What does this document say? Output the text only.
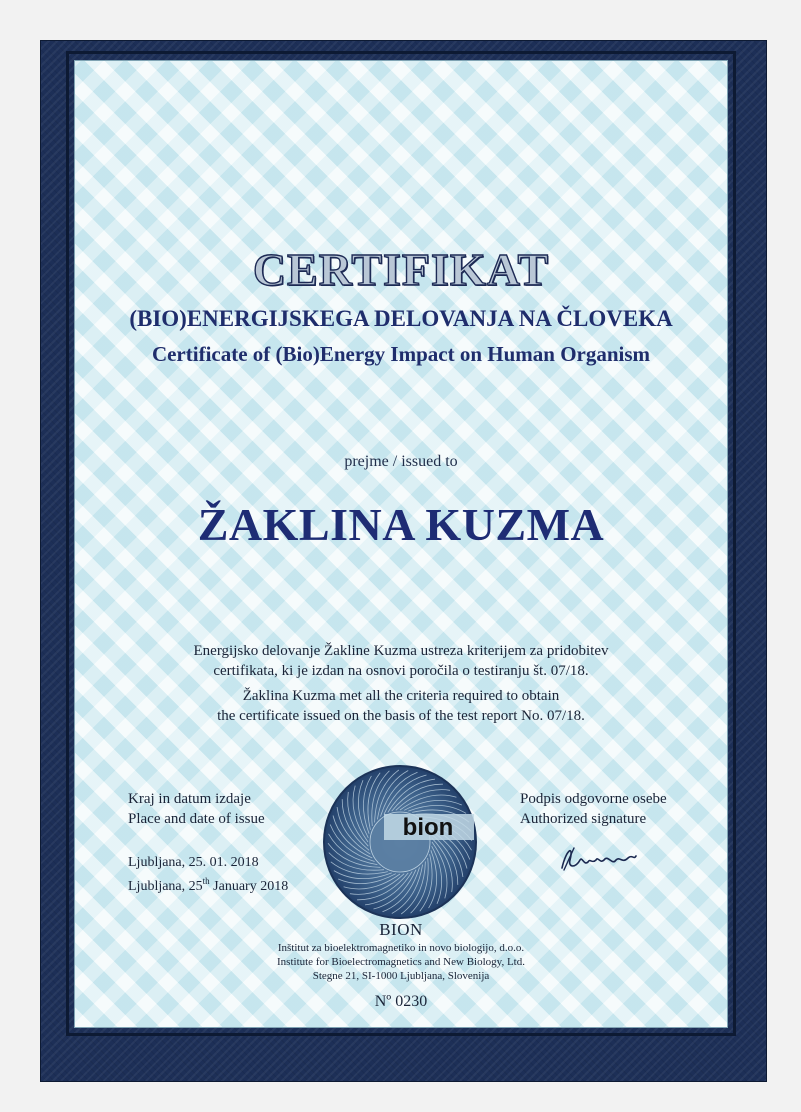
CERTIFIKAT
(BIO)ENERGIJSKEGA DELOVANJA NA ČLOVEKA
Certificate of (Bio)Energy Impact on Human Organism
prejme / issued to
ŽAKLINA KUZMA
Energijsko delovanje Žakline Kuzma ustreza kriterijem za pridobitev
certifikata, ki je izdan na osnovi poročila o testiranju št. 07/18.
Žaklina Kuzma met all the criteria required to obtain
the certificate issued on the basis of the test report No. 07/18.
Kraj in datum izdaje
Place and date of issue
Ljubljana, 25. 01. 2018
Ljubljana, 25th January 2018
Podpis odgovorne osebe
Authorized signature
bion
BION
Inštitut za bioelektromagnetiko in novo biologijo, d.o.o.
Institute for Bioelectromagnetics and New Biology, Ltd.
Stegne 21, SI-1000 Ljubljana, Slovenija
Nº 0230
